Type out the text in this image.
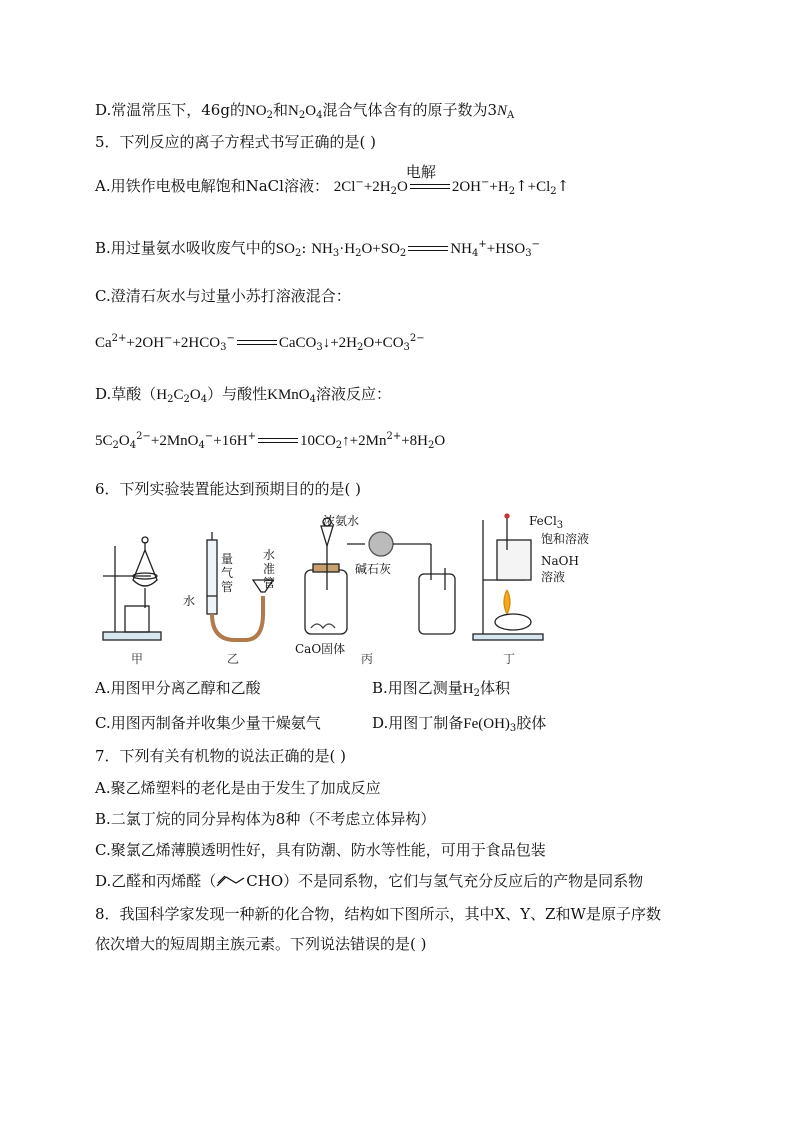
D.常温常压下，46g的$NO_2$和$N_2O_4$混合气体含有的原子数为$3N_A$
5．下列反应的离子方程式书写正确的是( )
A.用铁作电极电解饱和NaCl溶液： $2Cl^-+2H_2O$
电解
$2OH^-+H_2↑+Cl_2↑$
B.用过量氨水吸收废气中的$SO_2$: $NH_3\cdot H_2O+SO_2$	$NH_4^++HSO_3^-$
C.澄清石灰水与过量小苏打溶液混合：
$Ca^{2+}+2OH^-+2HCO_3^-$	$CaCO_3↓+2H_2O+CO_3^{2-}$
D.草酸$(H_2C_2O_4)$与酸性KMnO$_4$溶液反应：
$5C_2O_4^{2-}+2MnO_4^-+16H^+$	$10CO_2↑+2Mn^{2+}+8H_2O$
6．下列实验装置能达到预期目的的是( )
量
气
管
水
水
准
管
浓氨水
碱石灰
CaO固体
FeCl$_3$
饱和溶液
NaOH
溶液
甲	乙	丙	丁
A.用图甲分离乙醇和乙酸	B.用图乙测量$H_2$体积
C.用图丙制备并收集少量干燥氨气	D.用图丁制备$Fe(OH)_3$胶体
7．下列有关有机物的说法正确的是( )
A.聚乙烯塑料的老化是由于发生了加成反应
B.二氯丁烷的同分异构体为8种（不考虑立体异构）
C.聚氯乙烯薄膜透明性好，具有防潮、防水等性能，可用于食品包装
D.乙醛和丙烯醛（ CHO）不是同系物，它们与氢气充分反应后的产物是同系物
8．我国科学家发现一种新的化合物，结构如下图所示，其中X、Y、Z和W是原子序数
依次增大的短周期主族元素。下列说法错误的是( )
